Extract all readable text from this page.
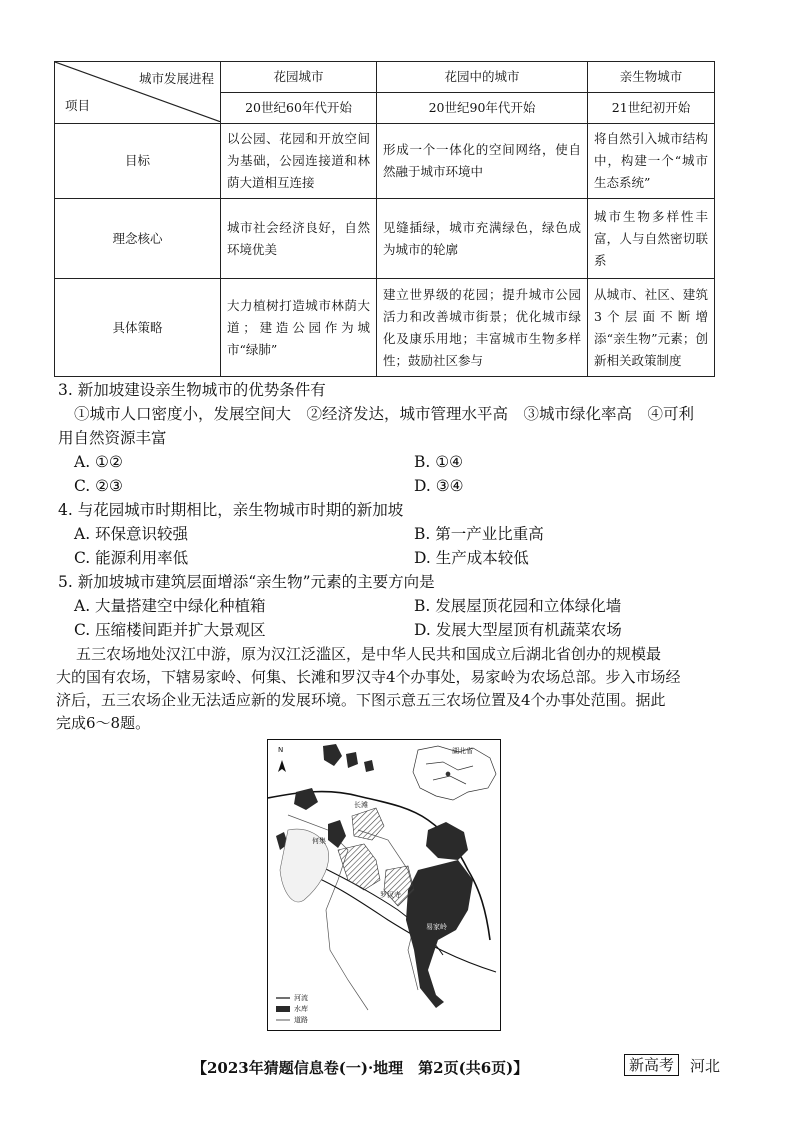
城市发展进程
项目	花园城市	花园中的城市	亲生物城市
	20世纪60年代开始	20世纪90年代开始	21世纪初开始
目标	以公园、花园和开放空间为基础，公园连接道和林荫大道相互连接	形成一个一体化的空间网络，使自然融于城市环境中	将自然引入城市结构中，构建一个“城市生态系统”
理念核心	城市社会经济良好，自然环境优美	见缝插绿，城市充满绿色，绿色成为城市的轮廓	城市生物多样性丰富，人与自然密切联系
具体策略	大力植树打造城市林荫大道；建造公园作为城市“绿肺”	建立世界级的花园；提升城市公园活力和改善城市街景；优化城市绿化及康乐用地；丰富城市生物多样性；鼓励社区参与	从城市、社区、建筑3个层面不断增添“亲生物”元素；创新相关政策制度
3. 新加坡建设亲生物城市的优势条件有
①城市人口密度小，发展空间大　②经济发达，城市管理水平高　③城市绿化率高　④可利
用自然资源丰富
A. ①②	B. ①④
C. ②③	D. ③④
4. 与花园城市时期相比，亲生物城市时期的新加坡
A. 环保意识较强	B. 第一产业比重高
C. 能源利用率低	D. 生产成本较低
5. 新加坡城市建筑层面增添“亲生物”元素的主要方向是
A. 大量搭建空中绿化种植箱	B. 发展屋顶花园和立体绿化墙
C. 压缩楼间距并扩大景观区	D. 发展大型屋顶有机蔬菜农场
五三农场地处汉江中游，原为汉江泛滥区，是中华人民共和国成立后湖北省创办的规模最
大的国有农场，下辖易家岭、何集、长滩和罗汉寺4个办事处，易家岭为农场总部。步入市场经
济后，五三农场企业无法适应新的发展环境。下图示意五三农场位置及4个办事处范围。据此
完成6～8题。
N	湖北省
长滩
何集
罗汉寺
易家岭
河流
水库
道路
【2023年猜题信息卷(一)·地理　第2页(共6页)】	新高考	河北
